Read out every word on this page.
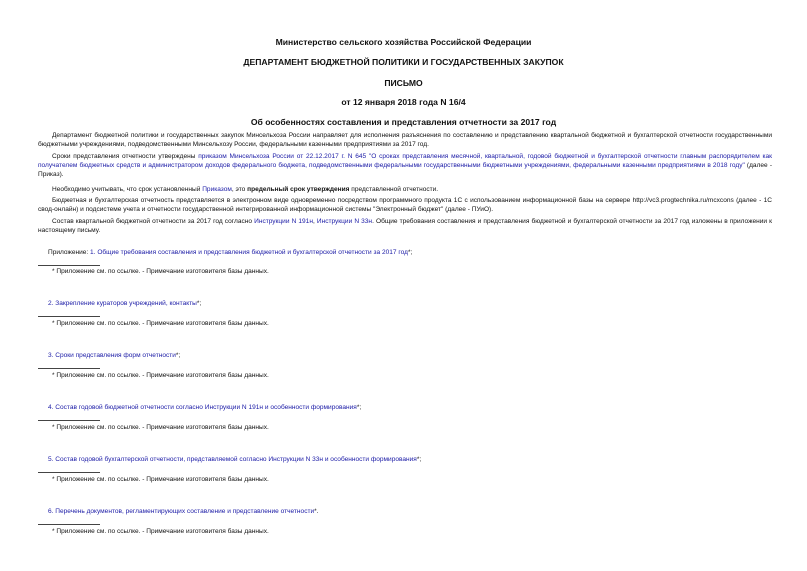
Министерство сельского хозяйства Российской Федерации
ДЕПАРТАМЕНТ БЮДЖЕТНОЙ ПОЛИТИКИ И ГОСУДАРСТВЕННЫХ ЗАКУПОК
ПИСЬМО
от 12 января 2018 года N 16/4
Об особенностях составления и представления отчетности за 2017 год
Департамент бюджетной политики и государственных закупок Минсельхоза России направляет для исполнения разъяснения по составлению и представлению квартальной бюджетной и бухгалтерской отчетности государственными бюджетными учреждениями, подведомственными Минсельхозу России, федеральными казенными предприятиями за 2017 год.
Сроки представления отчетности утверждены приказом Минсельхоза России от 22.12.2017 г. N 645 "О сроках представления месячной, квартальной, годовой бюджетной и бухгалтерской отчетности главным распорядителем как получателем бюджетных средств и администратором доходов федерального бюджета, подведомственными федеральными государственными бюджетными учреждениями, федеральными казенными предприятиями в 2018 году" (далее - Приказ).
Необходимо учитывать, что срок установленный Приказом, это предельный срок утверждения представленной отчетности.
Бюджетная и бухгалтерская отчетность представляется в электронном виде одновременно посредством программного продукта 1С с использованием информационной базы на сервере http://vc3.progtechnika.ru/mcxcons (далее - 1С свод-онлайн) и подсистеме учета и отчетности государственной интегрированной информационной системы "Электронный бюджет" (далее - ПУиО).
Состав квартальной бюджетной отчетности за 2017 год согласно Инструкции N 191н, Инструкции N 33н. Общие требования составления и представления бюджетной и бухгалтерской отчетности за 2017 год изложены в приложении к настоящему письму.
Приложение: 1. Общие требования составления и представления бюджетной и бухгалтерской отчетности за 2017 год*;
* Приложение см. по ссылке. - Примечание изготовителя базы данных.
2. Закрепление кураторов учреждений, контакты*;
* Приложение см. по ссылке. - Примечание изготовителя базы данных.
3. Сроки представления форм отчетности*;
* Приложение см. по ссылке. - Примечание изготовителя базы данных.
4. Состав годовой бюджетной отчетности согласно Инструкции N 191н и особенности формирования*;
* Приложение см. по ссылке. - Примечание изготовителя базы данных.
5. Состав годовой бухгалтерской отчетности, представляемой согласно Инструкции N 33н и особенности формирования*;
* Приложение см. по ссылке. - Примечание изготовителя базы данных.
6. Перечень документов, регламентирующих составление и представление отчетности*.
* Приложение см. по ссылке. - Примечание изготовителя базы данных.
